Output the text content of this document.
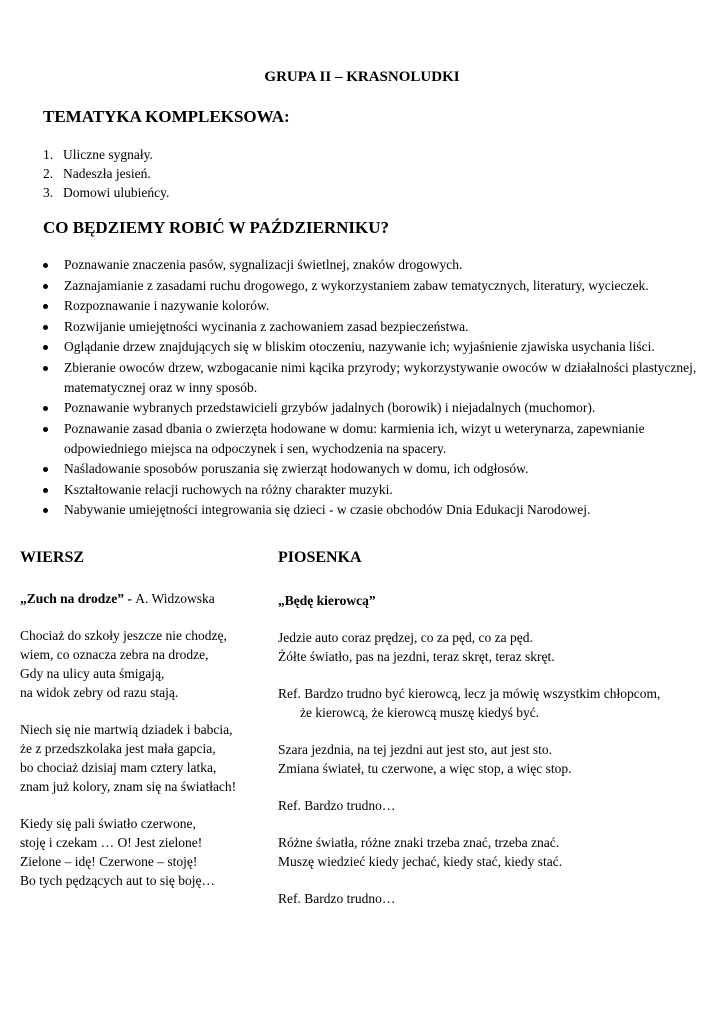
GRUPA II – KRASNOLUDKI
TEMATYKA KOMPLEKSOWA:
1. Uliczne sygnały.
2. Nadeszła jesień.
3. Domowi ulubieńcy.
CO BĘDZIEMY ROBIĆ W PAŹDZIERNIKU?
Poznawanie znaczenia pasów, sygnalizacji świetlnej, znaków drogowych.
Zaznajamianie z zasadami ruchu drogowego, z wykorzystaniem zabaw tematycznych, literatury, wycieczek.
Rozpoznawanie i nazywanie kolorów.
Rozwijanie umiejętności wycinania z zachowaniem zasad bezpieczeństwa.
Oglądanie drzew znajdujących się w bliskim otoczeniu, nazywanie ich; wyjaśnienie zjawiska usychania liści.
Zbieranie owoców drzew, wzbogacanie nimi kącika przyrody; wykorzystywanie owoców w działalności plastycznej, matematycznej oraz w inny sposób.
Poznawanie wybranych przedstawicieli grzybów jadalnych (borowik) i niejadalnych (muchomor).
Poznawanie zasad dbania o zwierzęta hodowane w domu: karmienia ich, wizyt u weterynarza, zapewnianie odpowiedniego miejsca na odpoczynek i sen, wychodzenia na spacery.
Naśladowanie sposobów poruszania się zwierząt hodowanych w domu, ich odgłosów.
Kształtowanie relacji ruchowych na różny charakter muzyki.
Nabywanie umiejętności integrowania się dzieci - w czasie obchodów Dnia Edukacji Narodowej.
WIERSZ	PIOSENKA
„Zuch na drodze” - A. Widzowska
Chociaż do szkoły jeszcze nie chodzę,
wiem, co oznacza zebra na drodze,
Gdy na ulicy auta śmigają,
na widok zebry od razu stają.
Niech się nie martwią dziadek i babcia,
że z przedszkolaka jest mała gapcia,
bo chociaż dzisiaj mam cztery latka,
znam już kolory, znam się na światłach!
Kiedy się pali światło czerwone,
stoję i czekam … O! Jest zielone!
Zielone – idę! Czerwone – stoję!
Bo tych pędzących aut to się boję…
„Będę kierowcą”
Jedzie auto coraz prędzej, co za pęd, co za pęd.
Żółte światło, pas na jezdni, teraz skręt, teraz skręt.
Ref. Bardzo trudno być kierowcą, lecz ja mówię wszystkim chłopcom,
że kierowcą, że kierowcą muszę kiedyś być.
Szara jezdnia, na tej jezdni aut jest sto, aut jest sto.
Zmiana świateł, tu czerwone, a więc stop, a więc stop.
Ref. Bardzo trudno…
Różne światła, różne znaki trzeba znać, trzeba znać.
Muszę wiedzieć kiedy jechać, kiedy stać, kiedy stać.
Ref. Bardzo trudno…
